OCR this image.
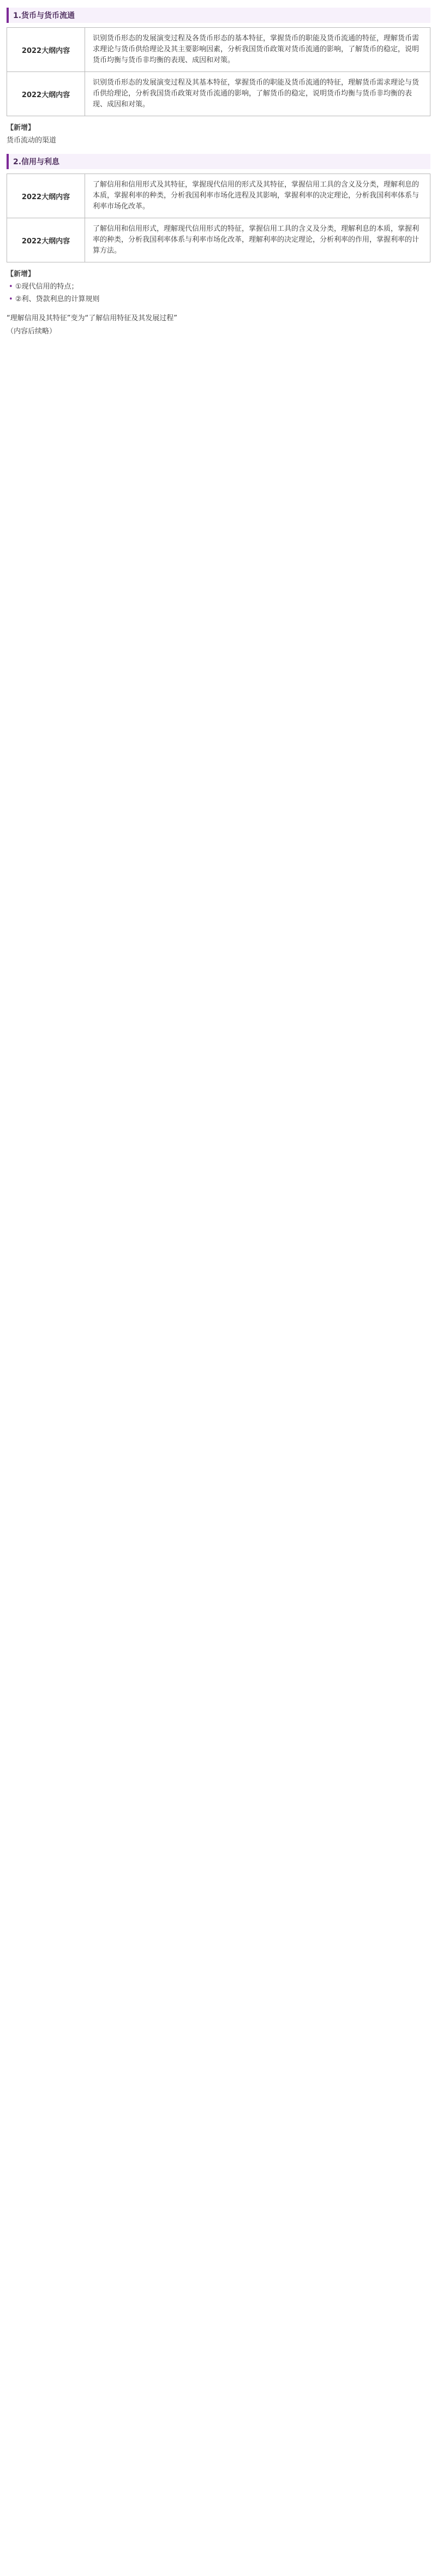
1.货币与货币流通
2022大纲内容	识别货币形态的发展演变过程及各货币形态的基本特征，掌握货币的职能及货币流通的特征，理解货币需求理论与货币供给理论及其主要影响因素，分析我国货币政策对货币流通的影响，了解货币的稳定，说明货币均衡与货币非均衡的表现、成因和对策。
2022大纲内容	识别货币形态的发展演变过程及其基本特征，掌握货币的职能及货币流通的特征，理解货币需求理论与货币供给理论，分析我国货币政策对货币流通的影响，了解货币的稳定，说明货币均衡与货币非均衡的表现、成因和对策。
【新增】
货币流动的渠道
2.信用与利息
2022大纲内容	了解信用和信用形式及其特征，掌握现代信用的形式及其特征，掌握信用工具的含义及分类，理解利息的本质，掌握利率的种类，分析我国利率市场化进程及其影响，掌握利率的决定理论，分析我国利率体系与利率市场化改革。
2022大纲内容	了解信用和信用形式，理解现代信用形式的特征，掌握信用工具的含义及分类，理解利息的本质，掌握利率的种类，分析我国利率体系与利率市场化改革，理解利率的决定理论，分析利率的作用，掌握利率的计算方法。
【新增】
• ①现代信用的特点；
• ②利、贷款利息的计算规则
“理解信用及其特征”变为“了解信用特征及其发展过程”
（内容后续略）
